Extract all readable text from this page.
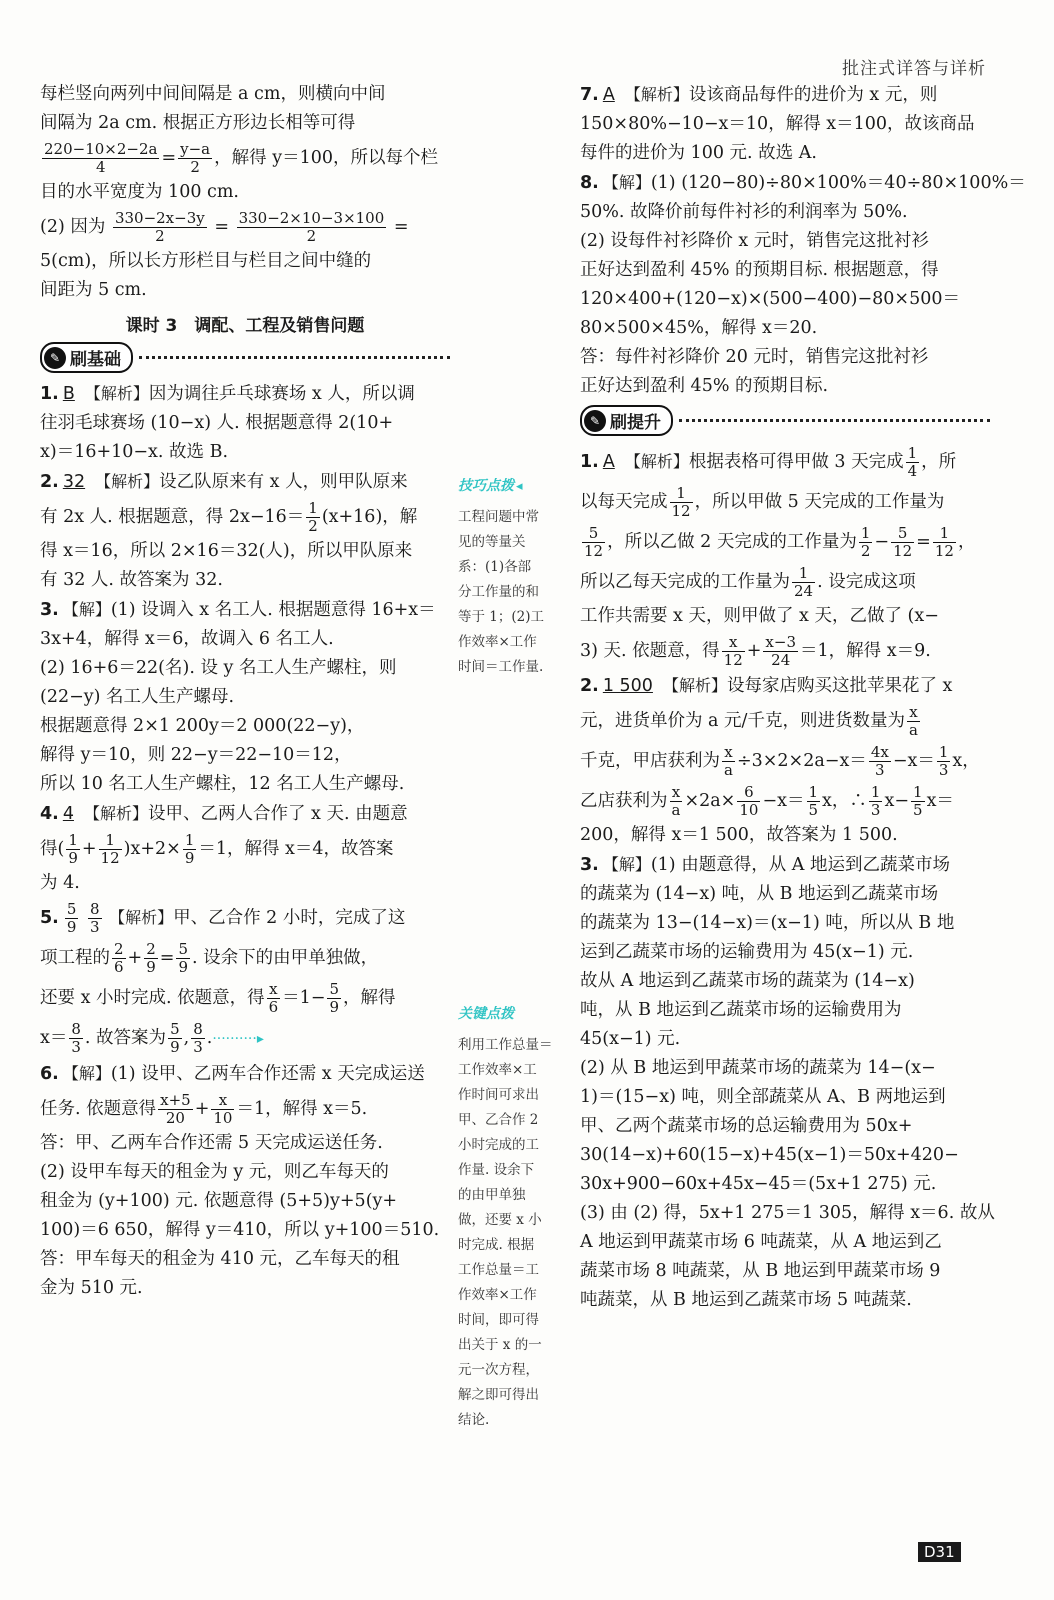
批注式详答与详析
每栏竖向两列中间间隔是 a cm，则横向中间
间隔为 2a cm. 根据正方形边长相等可得
$\frac{220-10\times 2-2a}{4} = \frac{y-a}{2}$ ，解得 y＝100，所以每个栏
目的水平宽度为 100 cm.
(2) 因为 $\frac{330-2x-3y}{2} = \frac{330-2\times 10-3\times 100}{2}$ =
5(cm)，所以长方形栏目与栏目之间中缝的
间距为 5 cm.
课时 3　调配、工程及销售问题
✎ 刷基础
1. B 【解析】因为调往乒乓球赛场 x 人，所以调
往羽毛球赛场 (10−x) 人. 根据题意得 2(10+
x)＝16+10−x. 故选 B.
2. 32 【解析】设乙队原来有 x 人，则甲队原来
有 2x 人. 根据题意，得 $2x-16= \frac{1}{2} (x+16)$，解
得 x＝16，所以 2×16＝32(人)，所以甲队原来
有 32 人. 故答案为 32.
3. 【解】(1) 设调入 x 名工人. 根据题意得 16+x＝
3x+4，解得 x＝6，故调入 6 名工人.
(2) 16+6＝22(名). 设 y 名工人生产螺柱，则
(22−y) 名工人生产螺母.
根据题意得 2×1 200y＝2 000(22−y)，
解得 y＝10，则 22−y＝22−10＝12，
所以 10 名工人生产螺柱，12 名工人生产螺母.
4. 4 【解析】设甲、乙两人合作了 x 天. 由题意
得( $\frac{1}{9} + \frac{1}{12} )x+2\times \frac{1}{9} =1$，解得 x＝4，故答案
为 4.
5. $\frac{5}{9}$
$\frac{8}{3}$ 【解析】甲、乙合作 2 小时，完成了这
项工程的 $\frac{2}{6} + \frac{2}{9} = \frac{5}{9}$ . 设余下的由甲单独做，
还要 x 小时完成. 依题意，得 $\frac{x}{6} =1- \frac{5}{9}$ ，解得
$x= \frac{8}{3}$ . 故答案为 $\frac{5}{9}$ , $\frac{8}{3}$ .··········▸
6. 【解】(1) 设甲、乙两车合作还需 x 天完成运送
任务. 依题意得 $\frac{x+5}{20} + \frac{x}{10} =1$，解得 x＝5.
答：甲、乙两车合作还需 5 天完成运送任务.
(2) 设甲车每天的租金为 y 元，则乙车每天的
租金为 (y+100) 元. 依题意得 (5+5)y+5(y+
100)＝6 650，解得 y＝410，所以 y+100＝510.
答：甲车每天的租金为 410 元，乙车每天的租
金为 510 元.
技巧点拨 ◂
工程问题中常
见的等量关
系：(1)各部
分工作量的和
等于 1；(2)工
作效率×工作
时间＝工作量.
关键点拨
利用工作总量＝
工作效率×工
作时间可求出
甲、乙合作 2
小时完成的工
作量. 设余下
的由甲单独
做，还要 x 小
时完成. 根据
工作总量＝工
作效率×工作
时间，即可得
出关于 x 的一
元一次方程，
解之即可得出
结论.
7. A 【解析】设该商品每件的进价为 x 元，则
150×80%−10−x＝10，解得 x＝100，故该商品
每件的进价为 100 元. 故选 A.
8. 【解】(1) (120−80)÷80×100%＝40÷80×100%＝
50%. 故降价前每件衬衫的利润率为 50%.
(2) 设每件衬衫降价 x 元时，销售完这批衬衫
正好达到盈利 45% 的预期目标. 根据题意，得
120×400+(120−x)×(500−400)−80×500＝
80×500×45%，解得 x＝20.
答：每件衬衫降价 20 元时，销售完这批衬衫
正好达到盈利 45% 的预期目标.
✎ 刷提升
1. A 【解析】根据表格可得甲做 3 天完成 $\frac{1}{4}$ ，所
以每天完成 $\frac{1}{12}$ ，所以甲做 5 天完成的工作量为
$\frac{5}{12}$ ，所以乙做 2 天完成的工作量为 $\frac{1}{2} - \frac{5}{12} = \frac{1}{12}$ ，
所以乙每天完成的工作量为 $\frac{1}{24}$ . 设完成这项
工作共需要 x 天，则甲做了 x 天，乙做了 (x−
3) 天. 依题意，得 $\frac{x}{12} + \frac{x-3}{24} =1$，解得 x＝9.
2. 1 500 【解析】设每家店购买这批苹果花了 x
元，进货单价为 a 元/千克，则进货数量为 $\frac{x}{a}$
千克，甲店获利为 $\frac{x}{a} \div 3\times 2\times 2a-x= \frac{4x}{3} -x= \frac{1}{3}$ x，
乙店获利为 $\frac{x}{a} \times 2a\times \frac{6}{10} -x= \frac{1}{5}$ x，∴ $\frac{1}{3} x- \frac{1}{5} x=$
200，解得 x＝1 500，故答案为 1 500.
3. 【解】(1) 由题意得，从 A 地运到乙蔬菜市场
的蔬菜为 (14−x) 吨，从 B 地运到乙蔬菜市场
的蔬菜为 13−(14−x)＝(x−1) 吨，所以从 B 地
运到乙蔬菜市场的运输费用为 45(x−1) 元.
故从 A 地运到乙蔬菜市场的蔬菜为 (14−x)
吨，从 B 地运到乙蔬菜市场的运输费用为
45(x−1) 元.
(2) 从 B 地运到甲蔬菜市场的蔬菜为 14−(x−
1)＝(15−x) 吨，则全部蔬菜从 A、B 两地运到
甲、乙两个蔬菜市场的总运输费用为 50x+
30(14−x)+60(15−x)+45(x−1)＝50x+420−
30x+900−60x+45x−45＝(5x+1 275) 元.
(3) 由 (2) 得，5x+1 275＝1 305，解得 x＝6. 故从
A 地运到甲蔬菜市场 6 吨蔬菜，从 A 地运到乙
蔬菜市场 8 吨蔬菜，从 B 地运到甲蔬菜市场 9
吨蔬菜，从 B 地运到乙蔬菜市场 5 吨蔬菜.
D31
